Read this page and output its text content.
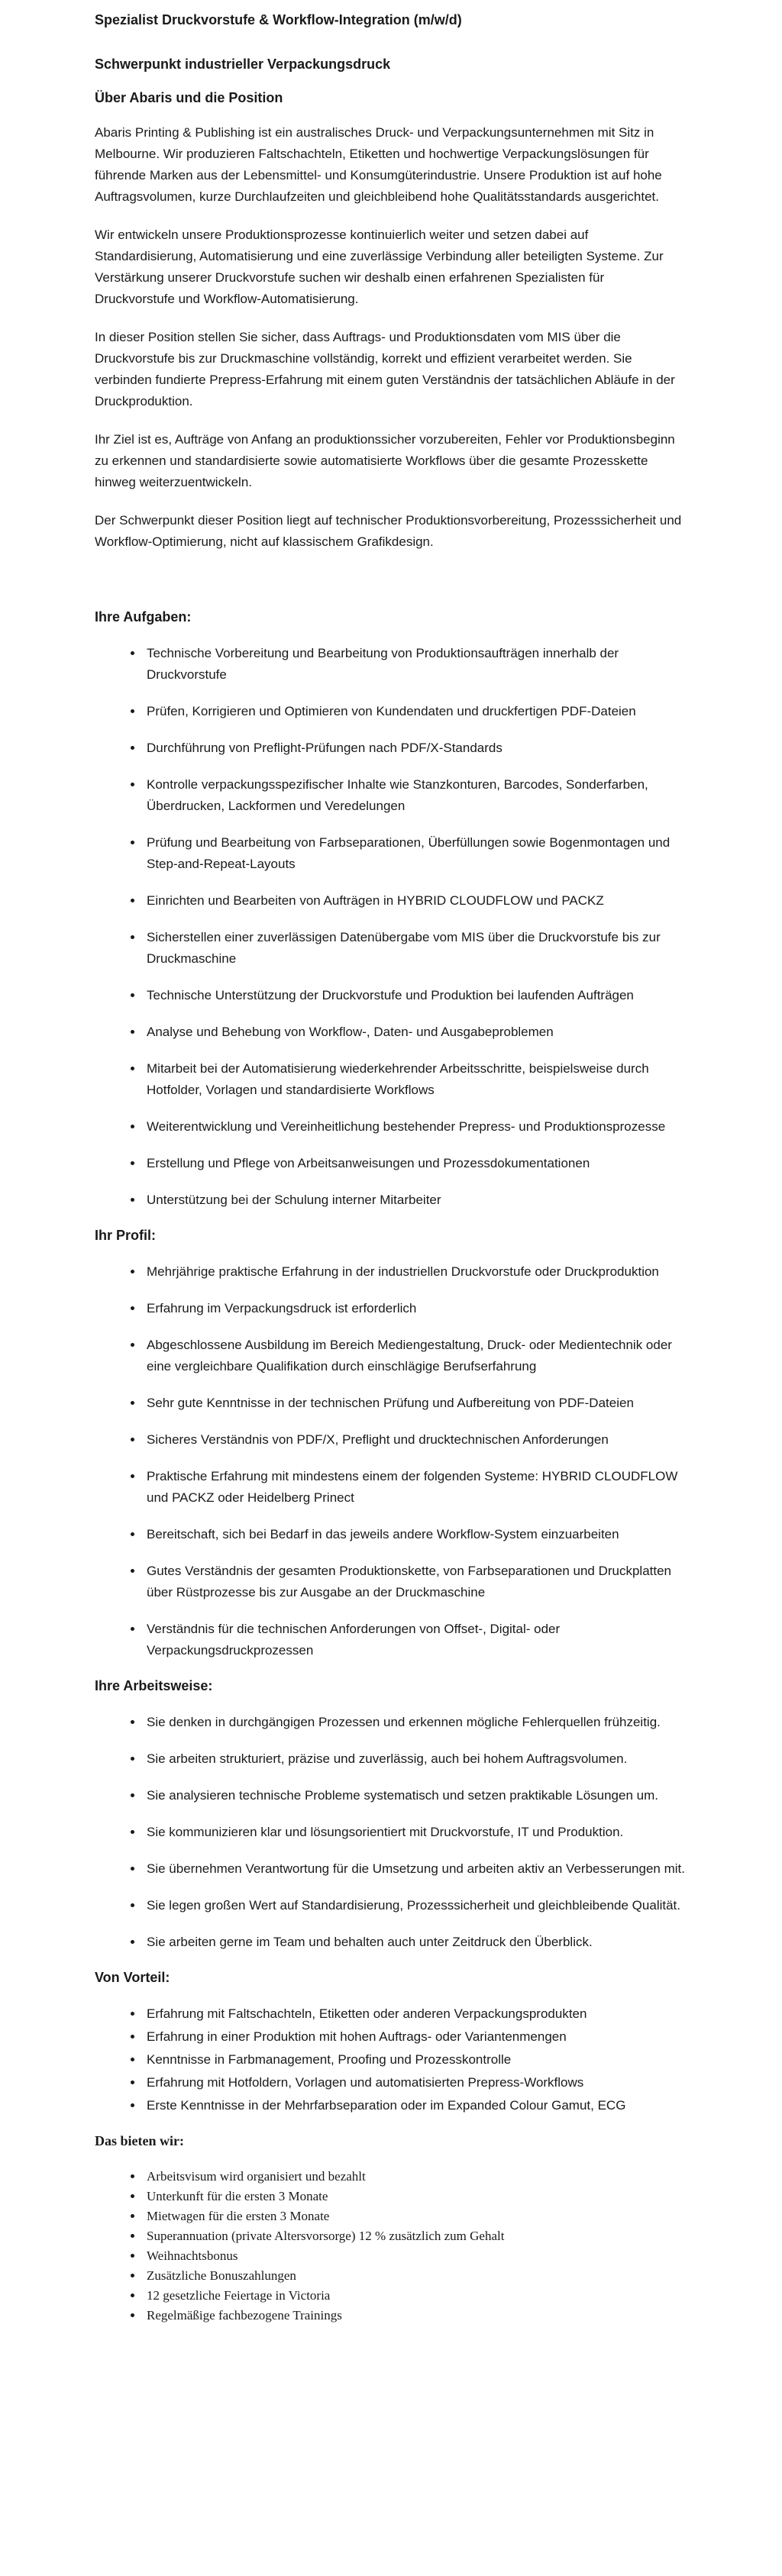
Spezialist Druckvorstufe & Workflow-Integration (m/w/d)
Schwerpunkt industrieller Verpackungsdruck
Über Abaris und die Position

Abaris Printing & Publishing ist ein australisches Druck- und Verpackungsunternehmen mit Sitz in Melbourne. Wir produzieren Faltschachteln, Etiketten und hochwertige Verpackungslösungen für führende Marken aus der Lebensmittel- und Konsumgüterindustrie. Unsere Produktion ist auf hohe Auftragsvolumen, kurze Durchlaufzeiten und gleichbleibend hohe Qualitätsstandards ausgerichtet.

Wir entwickeln unsere Produktionsprozesse kontinuierlich weiter und setzen dabei auf Standardisierung, Automatisierung und eine zuverlässige Verbindung aller beteiligten Systeme. Zur Verstärkung unserer Druckvorstufe suchen wir deshalb einen erfahrenen Spezialisten für Druckvorstufe und Workflow-Automatisierung.

In dieser Position stellen Sie sicher, dass Auftrags- und Produktionsdaten vom MIS über die Druckvorstufe bis zur Druckmaschine vollständig, korrekt und effizient verarbeitet werden. Sie verbinden fundierte Prepress-Erfahrung mit einem guten Verständnis der tatsächlichen Abläufe in der Druckproduktion.

Ihr Ziel ist es, Aufträge von Anfang an produktionssicher vorzubereiten, Fehler vor Produktionsbeginn zu erkennen und standardisierte sowie automatisierte Workflows über die gesamte Prozesskette hinweg weiterzuentwickeln.

Der Schwerpunkt dieser Position liegt auf technischer Produktionsvorbereitung, Prozesssicherheit und Workflow-Optimierung, nicht auf klassischem Grafikdesign.

Ihre Aufgaben:
• Technische Vorbereitung und Bearbeitung von Produktionsaufträgen innerhalb der Druckvorstufe
• Prüfen, Korrigieren und Optimieren von Kundendaten und druckfertigen PDF-Dateien
• Durchführung von Preflight-Prüfungen nach PDF/X-Standards
• Kontrolle verpackungsspezifischer Inhalte wie Stanzkonturen, Barcodes, Sonderfarben, Überdrucken, Lackformen und Veredelungen
• Prüfung und Bearbeitung von Farbseparationen, Überfüllungen sowie Bogenmontagen und Step-and-Repeat-Layouts
• Einrichten und Bearbeiten von Aufträgen in HYBRID CLOUDFLOW und PACKZ
• Sicherstellen einer zuverlässigen Datenübergabe vom MIS über die Druckvorstufe bis zur Druckmaschine
• Technische Unterstützung der Druckvorstufe und Produktion bei laufenden Aufträgen
• Analyse und Behebung von Workflow-, Daten- und Ausgabeproblemen
• Mitarbeit bei der Automatisierung wiederkehrender Arbeitsschritte, beispielsweise durch Hotfolder, Vorlagen und standardisierte Workflows
• Weiterentwicklung und Vereinheitlichung bestehender Prepress- und Produktionsprozesse
• Erstellung und Pflege von Arbeitsanweisungen und Prozessdokumentationen
• Unterstützung bei der Schulung interner Mitarbeiter
Ihr Profil:
• Mehrjährige praktische Erfahrung in der industriellen Druckvorstufe oder Druckproduktion
• Erfahrung im Verpackungsdruck ist erforderlich
• Abgeschlossene Ausbildung im Bereich Mediengestaltung, Druck- oder Medientechnik oder eine vergleichbare Qualifikation durch einschlägige Berufserfahrung
• Sehr gute Kenntnisse in der technischen Prüfung und Aufbereitung von PDF-Dateien
• Sicheres Verständnis von PDF/X, Preflight und drucktechnischen Anforderungen
• Praktische Erfahrung mit mindestens einem der folgenden Systeme: HYBRID CLOUDFLOW und PACKZ oder Heidelberg Prinect
• Bereitschaft, sich bei Bedarf in das jeweils andere Workflow-System einzuarbeiten
• Gutes Verständnis der gesamten Produktionskette, von Farbseparationen und Druckplatten über Rüstprozesse bis zur Ausgabe an der Druckmaschine
• Verständnis für die technischen Anforderungen von Offset-, Digital- oder Verpackungsdruckprozessen
Ihre Arbeitsweise:
• Sie denken in durchgängigen Prozessen und erkennen mögliche Fehlerquellen frühzeitig.
• Sie arbeiten strukturiert, präzise und zuverlässig, auch bei hohem Auftragsvolumen.
• Sie analysieren technische Probleme systematisch und setzen praktikable Lösungen um.
• Sie kommunizieren klar und lösungsorientiert mit Druckvorstufe, IT und Produktion.
• Sie übernehmen Verantwortung für die Umsetzung und arbeiten aktiv an Verbesserungen mit.
• Sie legen großen Wert auf Standardisierung, Prozesssicherheit und gleichbleibende Qualität.
• Sie arbeiten gerne im Team und behalten auch unter Zeitdruck den Überblick.
Von Vorteil:
• Erfahrung mit Faltschachteln, Etiketten oder anderen Verpackungsprodukten
• Erfahrung in einer Produktion mit hohen Auftrags- oder Variantenmengen
• Kenntnisse in Farbmanagement, Proofing und Prozesskontrolle
• Erfahrung mit Hotfoldern, Vorlagen und automatisierten Prepress-Workflows
• Erste Kenntnisse in der Mehrfarbseparation oder im Expanded Colour Gamut, ECG
Das bieten wir:
• Arbeitsvisum wird organisiert und bezahlt
• Unterkunft für die ersten 3 Monate
• Mietwagen für die ersten 3 Monate
• Superannuation (private Altersvorsorge) 12 % zusätzlich zum Gehalt
• Weihnachtsbonus
• Zusätzliche Bonuszahlungen
• 12 gesetzliche Feiertage in Victoria
• Regelmäßige fachbezogene Trainings
